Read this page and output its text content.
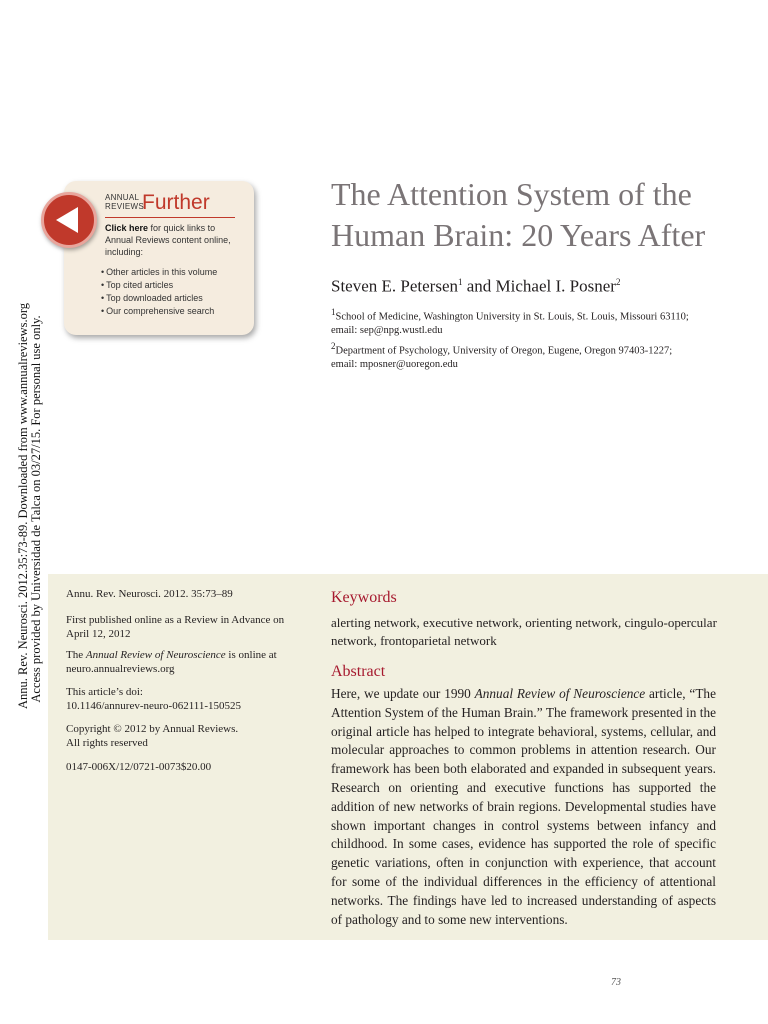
Annu. Rev. Neurosci. 2012.35:73-89. Downloaded from www.annualreviews.org Access provided by Universidad de Talca on 03/27/15. For personal use only.
ANNUAL
REVIEWS
Further
Click here for quick links to Annual Reviews content online, including:
• Other articles in this volume
• Top cited articles
• Top downloaded articles
• Our comprehensive search
The Attention System of the
Human Brain: 20 Years After
Steven E. Petersen$^1$ and Michael I. Posner$^2$
$^1$School of Medicine, Washington University in St. Louis, St. Louis, Missouri 63110;
email: sep@npg.wustl.edu
$^2$Department of Psychology, University of Oregon, Eugene, Oregon 97403-1227;
email: mposner@uoregon.edu
Annu. Rev. Neurosci. 2012. 35:73–89
First published online as a Review in Advance on April 12, 2012
The Annual Review of Neuroscience is online at neuro.annualreviews.org
This article’s doi:
10.1146/annurev-neuro-062111-150525
Copyright © 2012 by Annual Reviews.
All rights reserved
0147-006X/12/0721-0073$20.00
Keywords
alerting network, executive network, orienting network, cingulo-opercular network, frontoparietal network
Abstract
Here, we update our 1990 Annual Review of Neuroscience article, “The Attention System of the Human Brain.” The framework presented in the original article has helped to integrate behavioral, systems, cellular, and molecular approaches to common problems in attention research. Our framework has been both elaborated and expanded in subsequent years. Research on orienting and executive functions has supported the addition of new networks of brain regions. Developmental studies have shown important changes in control systems between infancy and childhood. In some cases, evidence has supported the role of specific genetic variations, often in conjunction with experience, that account for some of the individual differences in the efficiency of attentional networks. The findings have led to increased understanding of aspects of pathology and to some new interventions.
73
